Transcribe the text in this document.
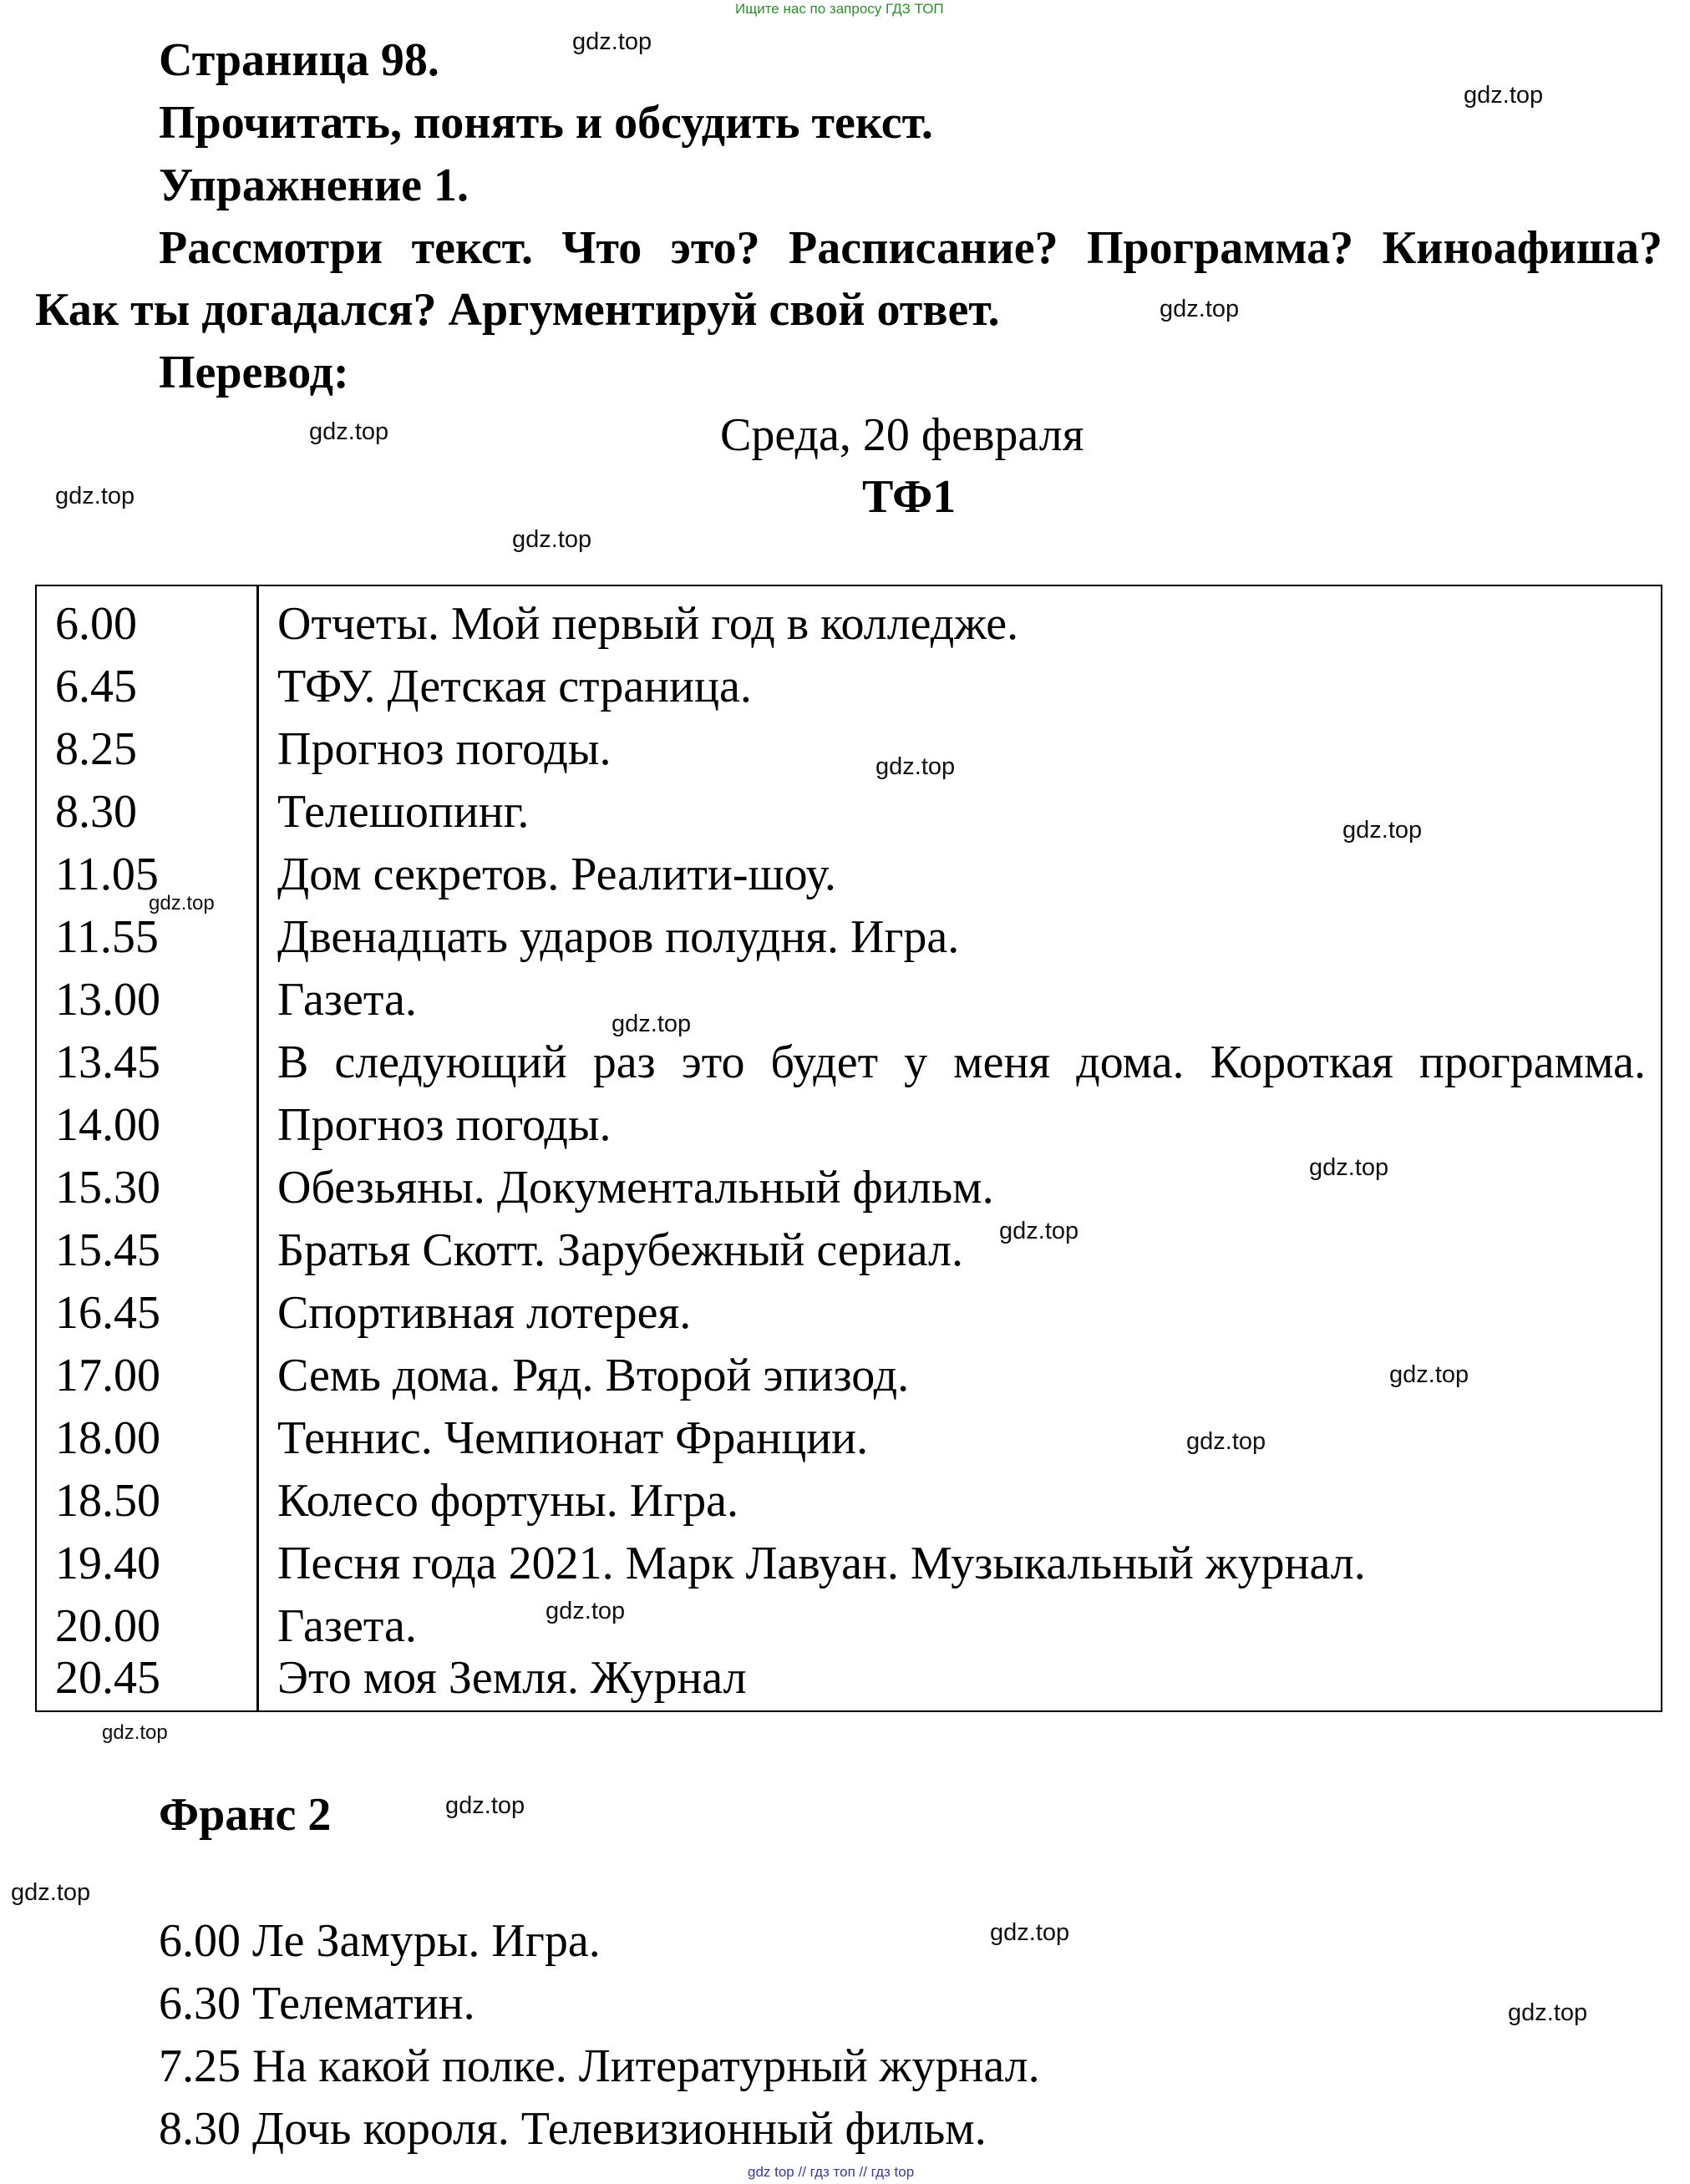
Ищите нас по запросу ГДЗ ТОП
gdz top // гдз топ // гдз top
Страница 98.
Прочитать, понять и обсудить текст.
Упражнение 1.
Рассмотри текст. Что это? Расписание? Программа? Киноафиша?
Как ты догадался? Аргументируй свой ответ.
Перевод:
Среда, 20 февраля
ТФ1
6.00	Отчеты. Мой первый год в колледже.
6.45	ТФУ. Детская страница.
8.25	Прогноз погоды.
8.30	Телешопинг.
11.05	Дом секретов. Реалити-шоу.
11.55	Двенадцать ударов полудня. Игра.
13.00	Газета.
13.45	В следующий раз это будет у меня дома. Короткая программа.
14.00	Прогноз погоды.
15.30	Обезьяны. Документальный фильм.
15.45	Братья Скотт. Зарубежный сериал.
16.45	Спортивная лотерея.
17.00	Семь дома. Ряд. Второй эпизод.
18.00	Теннис. Чемпионат Франции.
18.50	Колесо фортуны. Игра.
19.40	Песня года 2021. Марк Лавуан. Музыкальный журнал.
20.00	Газета.
20.45	Это моя Земля. Журнал
Франс 2
6.00 Ле Замуры. Игра.
6.30 Телематин.
7.25 На какой полке. Литературный журнал.
8.30 Дочь короля. Телевизионный фильм.
gdz.top
gdz.top
gdz.top
gdz.top
gdz.top
gdz.top
gdz.top
gdz.top
gdz.top
gdz.top
gdz.top
gdz.top
gdz.top
gdz.top
gdz.top
gdz.top
gdz.top
gdz.top
gdz.top
gdz.top
